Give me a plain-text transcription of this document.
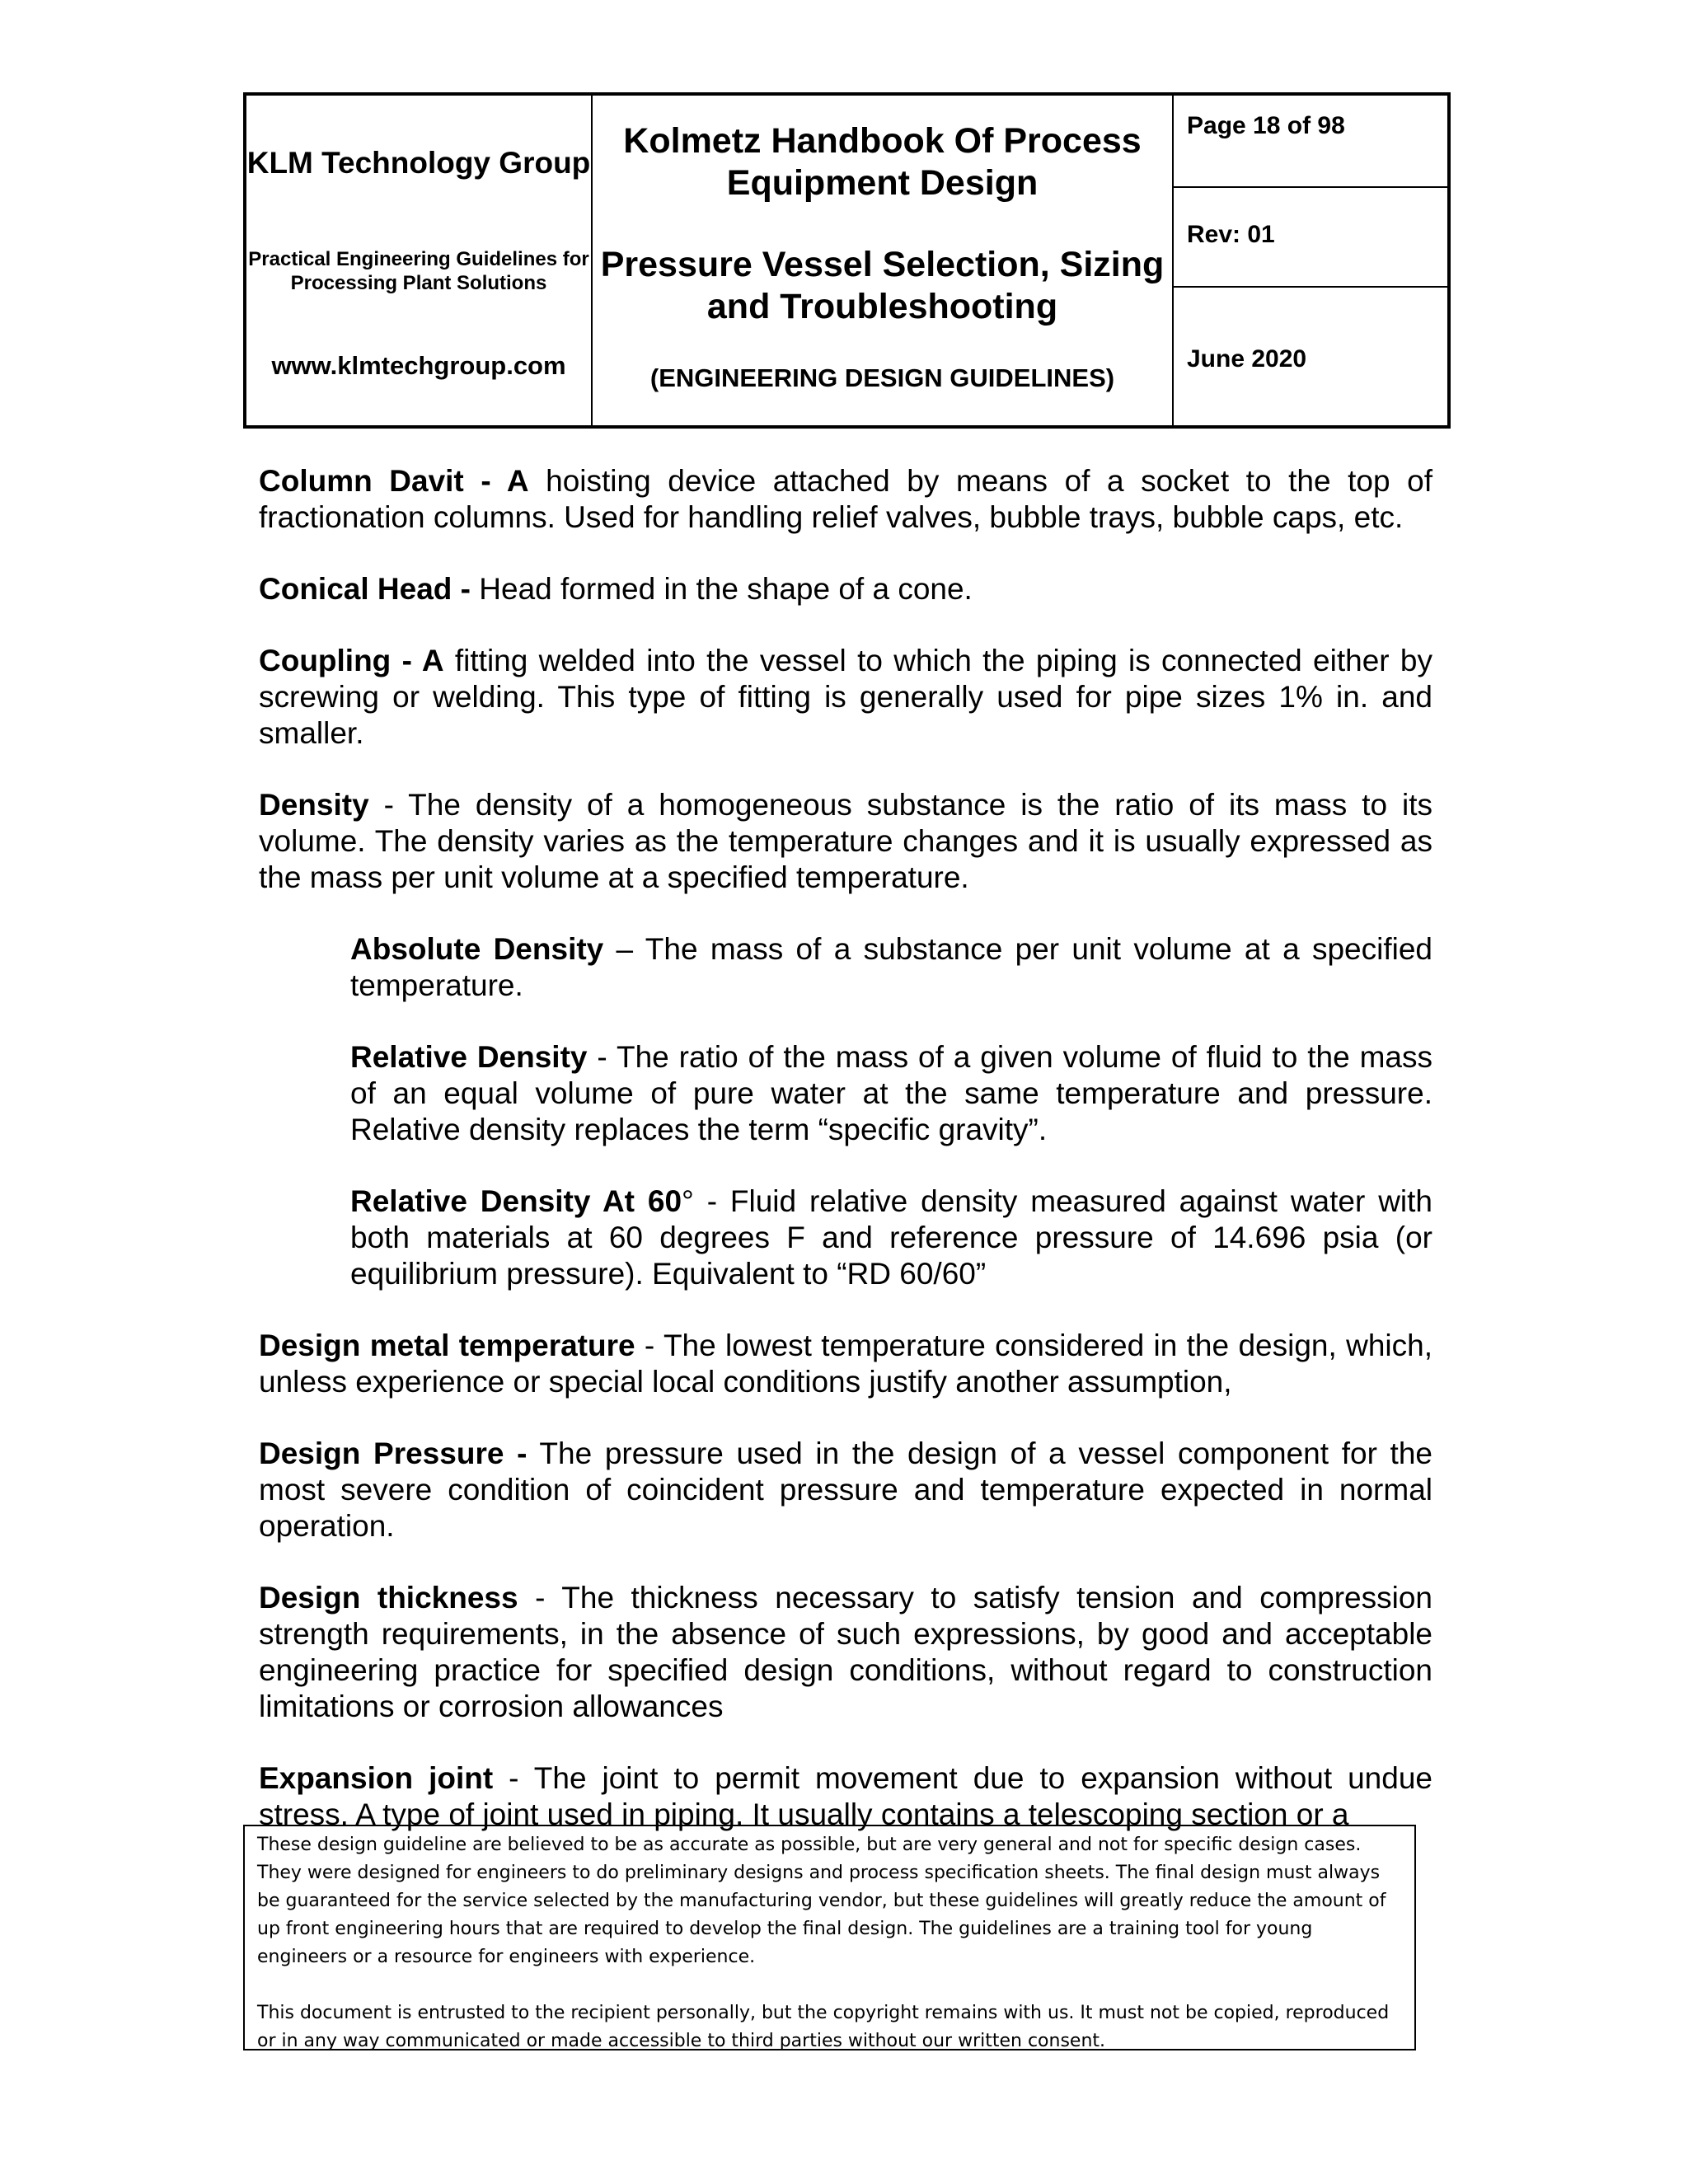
KLM Technology Group
Practical Engineering Guidelines for Processing Plant Solutions
www.klmtechgroup.com
Kolmetz Handbook Of Process Equipment Design
Pressure Vessel Selection, Sizing and Troubleshooting
(ENGINEERING DESIGN GUIDELINES)
Page 18 of 98
Rev: 01
June 2020

Column Davit - A hoisting device attached by means of a socket to the top of fractionation columns. Used for handling relief valves, bubble trays, bubble caps, etc.

Conical Head - Head formed in the shape of a cone.

Coupling - A fitting welded into the vessel to which the piping is connected either by screwing or welding. This type of fitting is generally used for pipe sizes 1% in. and smaller.

Density - The density of a homogeneous substance is the ratio of its mass to its volume. The density varies as the temperature changes and it is usually expressed as the mass per unit volume at a specified temperature.

Absolute Density – The mass of a substance per unit volume at a specified temperature.

Relative Density - The ratio of the mass of a given volume of fluid to the mass of an equal volume of pure water at the same temperature and pressure. Relative density replaces the term “specific gravity”.

Relative Density At 60° - Fluid relative density measured against water with both materials at 60 degrees F and reference pressure of 14.696 psia (or equilibrium pressure). Equivalent to “RD 60/60”

Design metal temperature - The lowest temperature considered in the design, which, unless experience or special local conditions justify another assumption,

Design Pressure - The pressure used in the design of a vessel component for the most severe condition of coincident pressure and temperature expected in normal operation.

Design thickness - The thickness necessary to satisfy tension and compression strength requirements, in the absence of such expressions, by good and acceptable engineering practice for specified design conditions, without regard to construction limitations or corrosion allowances

Expansion joint - The joint to permit movement due to expansion without undue stress. A type of joint used in piping. It usually contains a telescoping section or a

These design guideline are believed to be as accurate as possible, but are very general and not for specific design cases. They were designed for engineers to do preliminary designs and process specification sheets. The final design must always be guaranteed for the service selected by the manufacturing vendor, but these guidelines will greatly reduce the amount of up front engineering hours that are required to develop the final design. The guidelines are a training tool for young engineers or a resource for engineers with experience.

This document is entrusted to the recipient personally, but the copyright remains with us. It must not be copied, reproduced or in any way communicated or made accessible to third parties without our written consent.
